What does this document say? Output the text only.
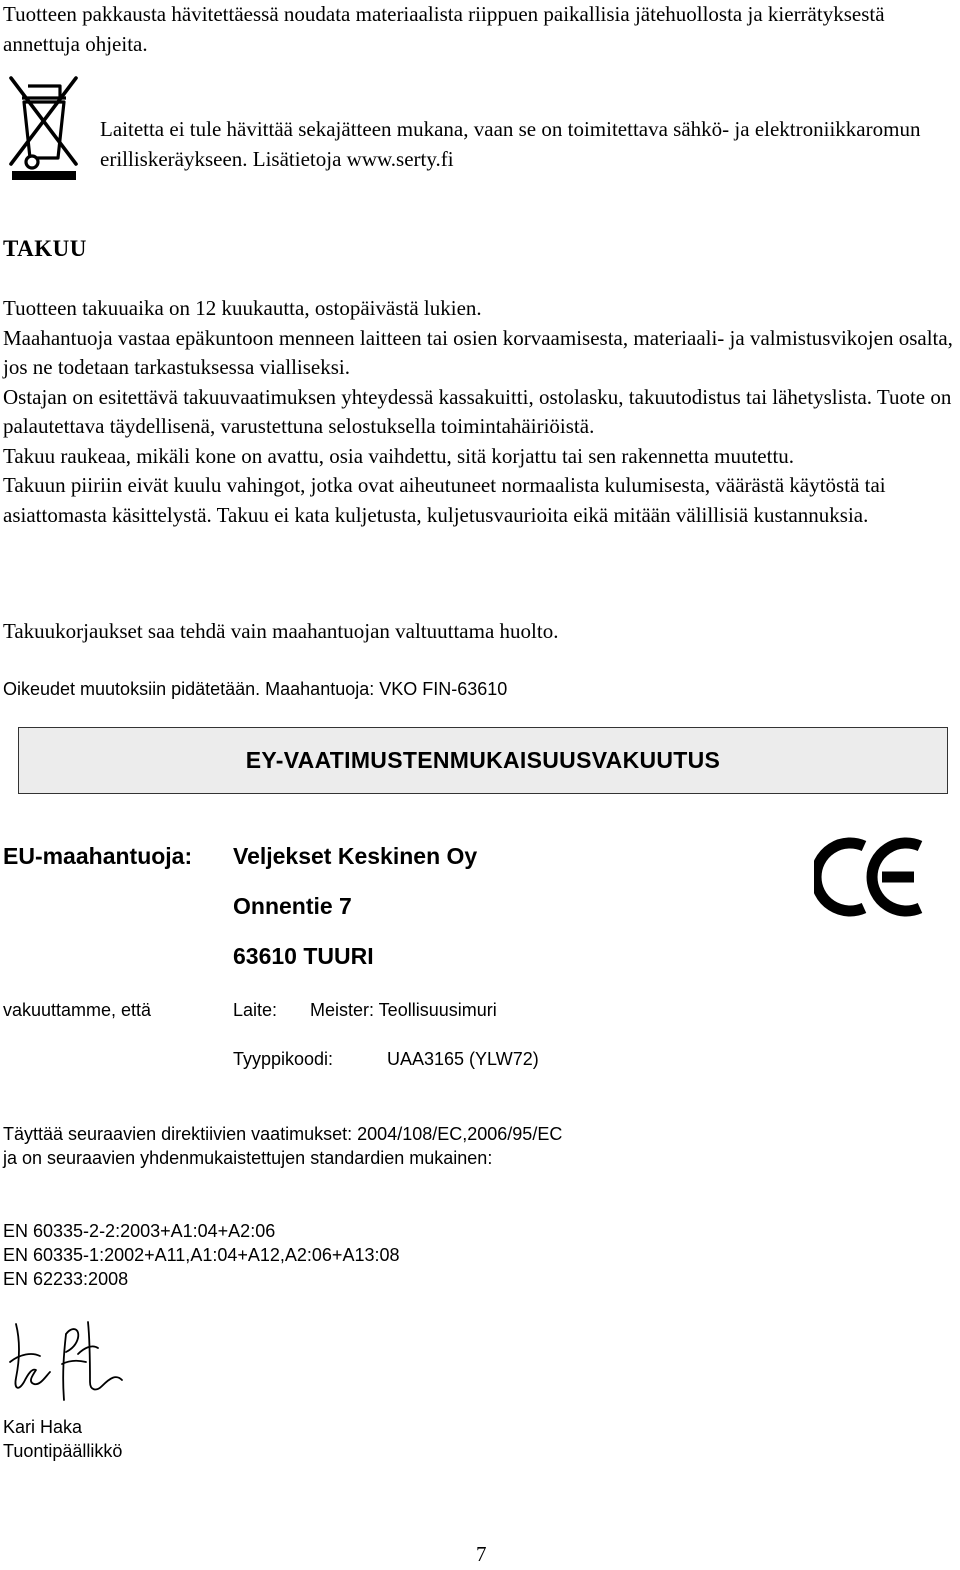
Tuotteen pakkausta hävitettäessä noudata materiaalista riippuen paikallisia jätehuollosta ja kierrätyksestä annettuja ohjeita.
Laitetta ei tule hävittää sekajätteen mukana, vaan se on toimitettava sähkö- ja elektroniikkaromun erilliskeräykseen. Lisätietoja www.serty.fi
TAKUU

Tuotteen takuuaika on 12 kuukautta, ostopäivästä lukien.

Maahantuoja vastaa epäkuntoon menneen laitteen tai osien korvaamisesta, materiaali- ja valmistusvikojen osalta, jos ne todetaan tarkastuksessa vialliseksi.

Ostajan on esitettävä takuuvaatimuksen yhteydessä kassakuitti, ostolasku, takuutodistus tai lähetyslista. Tuote on palautettava täydellisenä, varustettuna selostuksella toimintahäiriöistä.

Takuu raukeaa, mikäli kone on avattu, osia vaihdettu, sitä korjattu tai sen rakennetta muutettu.

Takuun piiriin eivät kuulu vahingot, jotka ovat aiheutuneet normaalista kulumisesta, väärästä käytöstä tai asiattomasta käsittelystä. Takuu ei kata kuljetusta, kuljetusvaurioita eikä mitään välillisiä kustannuksia.

Takuukorjaukset saa tehdä vain maahantuojan valtuuttama huolto.
Oikeudet muutoksiin pidätetään. Maahantuoja: VKO FIN-63610
EY-VAATIMUSTENMUKAISUUSVAKUUTUS
EU-maahantuoja: Veljekset Keskinen Oy
Onnentie 7
63610 TUURI
vakuuttamme, että	Laite: Meister: Teollisuusimuri
Tyyppikoodi:	UAA3165 (YLW72)
Täyttää seuraavien direktiivien vaatimukset: 2004/108/EC,2006/95/EC
ja on seuraavien yhdenmukaistettujen standardien mukainen:
EN 60335-2-2:2003+A1:04+A2:06
EN 60335-1:2002+A11,A1:04+A12,A2:06+A13:08
EN 62233:2008
Kari Haka
Tuontipäällikkö
7
